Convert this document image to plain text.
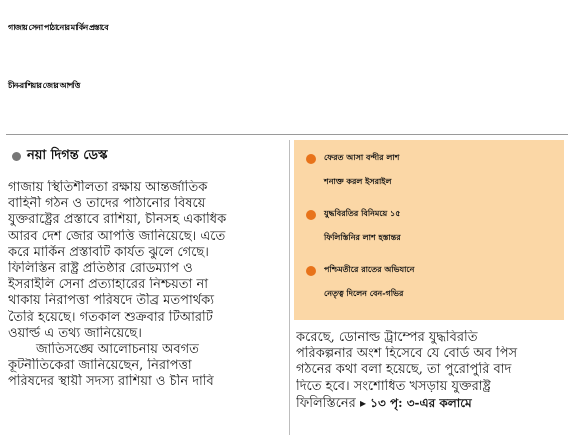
গাজায় সেনা পাঠানোর মার্কিন প্রস্তাবে
চীন-রাশিয়ার জোর আপত্তি
নয়া দিগন্ত ডেস্ক
গাজায় স্থিতিশীলতা রক্ষায় আন্তর্জাতিক
বাহিনী গঠন ও তাদের পাঠানোর বিষয়ে
যুক্তরাষ্ট্রের প্রস্তাবে রাশিয়া, চীনসহ একাধিক
আরব দেশ জোর আপত্তি জানিয়েছে। এতে
করে মার্কিন প্রস্তাবটি কার্যত ঝুলে গেছে।
ফিলিস্তিন রাষ্ট্র প্রতিষ্ঠার রোডম্যাপ ও
ইসরাইলি সেনা প্রত্যাহারের নিশ্চয়তা না
থাকায় নিরাপত্তা পরিষদে তীব্র মতপার্থক্য
তৈরি হয়েছে। গতকাল শুক্রবার টিআরটি
ওয়ার্ল্ড এ তথ্য জানিয়েছে।
জাতিসঙ্ঘে আলোচনায় অবগত
কূটনীতিকেরা জানিয়েছেন, নিরাপত্তা
পরিষদের স্থায়ী সদস্য রাশিয়া ও চীন দাবি
ফেরত আসা বন্দীর লাশ
শনাক্ত করল ইসরাইল
যুদ্ধবিরতির বিনিময়ে ১৫
ফিলিস্তিনির লাশ হস্তান্তর
পশ্চিমতীরে রাতের অভিযানে
নেতৃত্ব দিলেন বেন-গভির
করেছে, ডোনাল্ড ট্রাম্পের যুদ্ধবিরতি
পরিকল্পনার অংশ হিসেবে যে বোর্ড অব পিস
গঠনের কথা বলা হয়েছে, তা পুরোপুরি বাদ
দিতে হবে। সংশোধিত খসড়ায় যুক্তরাষ্ট্র
ফিলিস্তিনের ▸ ১৩ পৃ: ৩-এর কলামে
